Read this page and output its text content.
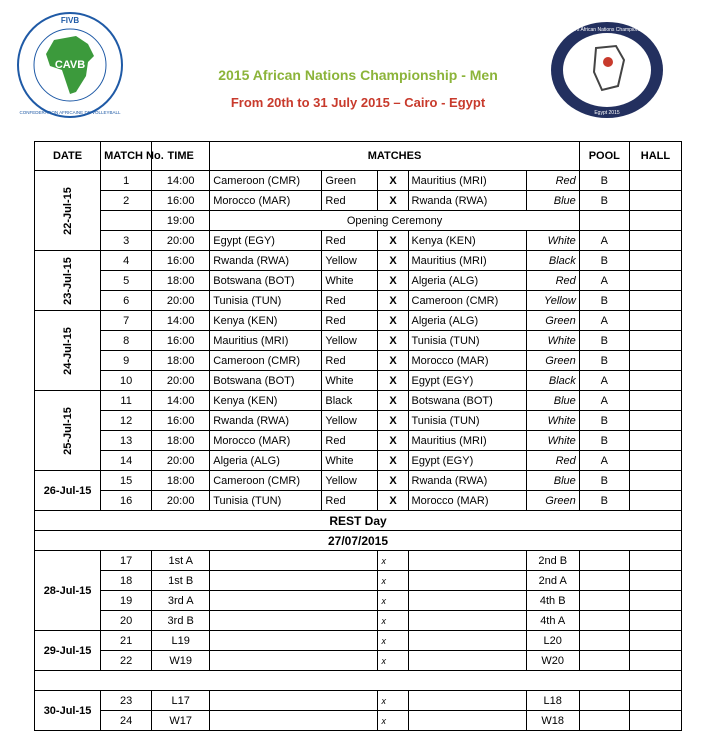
CAVB
FIVB
CONFEDERATION AFRICAINE DE VOLLEYBALL
Men's African Nations Championship
Egypt 2015
2015 African Nations Championship - Men
From 20th to 31 July 2015 – Cairo - Egypt
DATE	MATCH No.	TIME	MATCHES					POOL	HALL
22-Jul-15	1	14:00	Cameroon (CMR)	Green	X	Mauritius (MRI)	Red	B	
	2	16:00	Morocco (MAR)	Red	X	Rwanda (RWA)	Blue	B	
		19:00	Opening Ceremony						
	3	20:00	Egypt (EGY)	Red	X	Kenya (KEN)	White	A	
23-Jul-15	4	16:00	Rwanda (RWA)	Yellow	X	Mauritius (MRI)	Black	B	
	5	18:00	Botswana (BOT)	White	X	Algeria (ALG)	Red	A	
	6	20:00	Tunisia (TUN)	Red	X	Cameroon (CMR)	Yellow	B	
24-Jul-15	7	14:00	Kenya (KEN)	Red	X	Algeria (ALG)	Green	A	
	8	16:00	Mauritius (MRI)	Yellow	X	Tunisia (TUN)	White	B	
	9	18:00	Cameroon (CMR)	Red	X	Morocco (MAR)	Green	B	
	10	20:00	Botswana (BOT)	White	X	Egypt (EGY)	Black	A	
25-Jul-15	11	14:00	Kenya (KEN)	Black	X	Botswana (BOT)	Blue	A	
	12	16:00	Rwanda (RWA)	Yellow	X	Tunisia (TUN)	White	B	
	13	18:00	Morocco (MAR)	Red	X	Mauritius (MRI)	White	B	
	14	20:00	Algeria (ALG)	White	X	Egypt (EGY)	Red	A	
26-Jul-15	15	18:00	Cameroon (CMR)	Yellow	X	Rwanda (RWA)	Blue	B	
	16	20:00	Tunisia (TUN)	Red	X	Morocco (MAR)	Green	B	
REST Day									
27/07/2015									
28-Jul-15	17	1st A			x		2nd B		
	18	1st B			x		2nd A		
	19	3rd A			x		4th B		
	20	3rd B			x		4th A		
29-Jul-15	21	L19			x		L20		
	22	W19			x		W20		

30-Jul-15	23	L17			x		L18		
	24	W17			x		W18		
